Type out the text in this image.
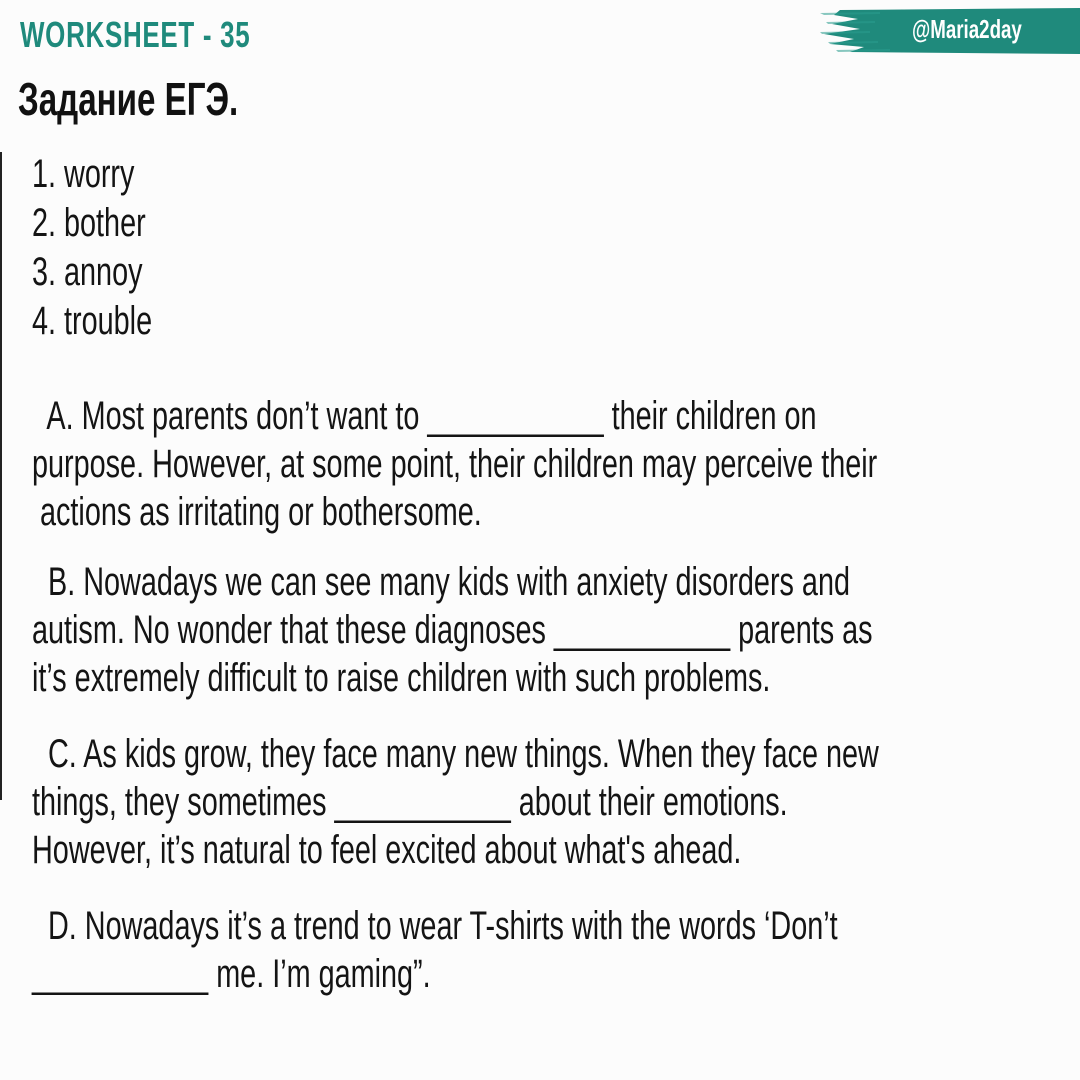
WORKSHEET - 35
Задание ЕГЭ.
@Maria2day
1. worry
2. bother
3. annoy
4. trouble
A. Most parents don’t want to ___________ their children on
purpose. However, at some point, their children may perceive their
actions as irritating or bothersome.
B. Nowadays we can see many kids with anxiety disorders and
autism. No wonder that these diagnoses ___________ parents as
it’s extremely difficult to raise children with such problems.
C. As kids grow, they face many new things. When they face new
things, they sometimes ___________ about their emotions.
However, it’s natural to feel excited about what's ahead.
D. Nowadays it’s a trend to wear T-shirts with the words ‘Don’t
___________ me. I’m gaming”.
